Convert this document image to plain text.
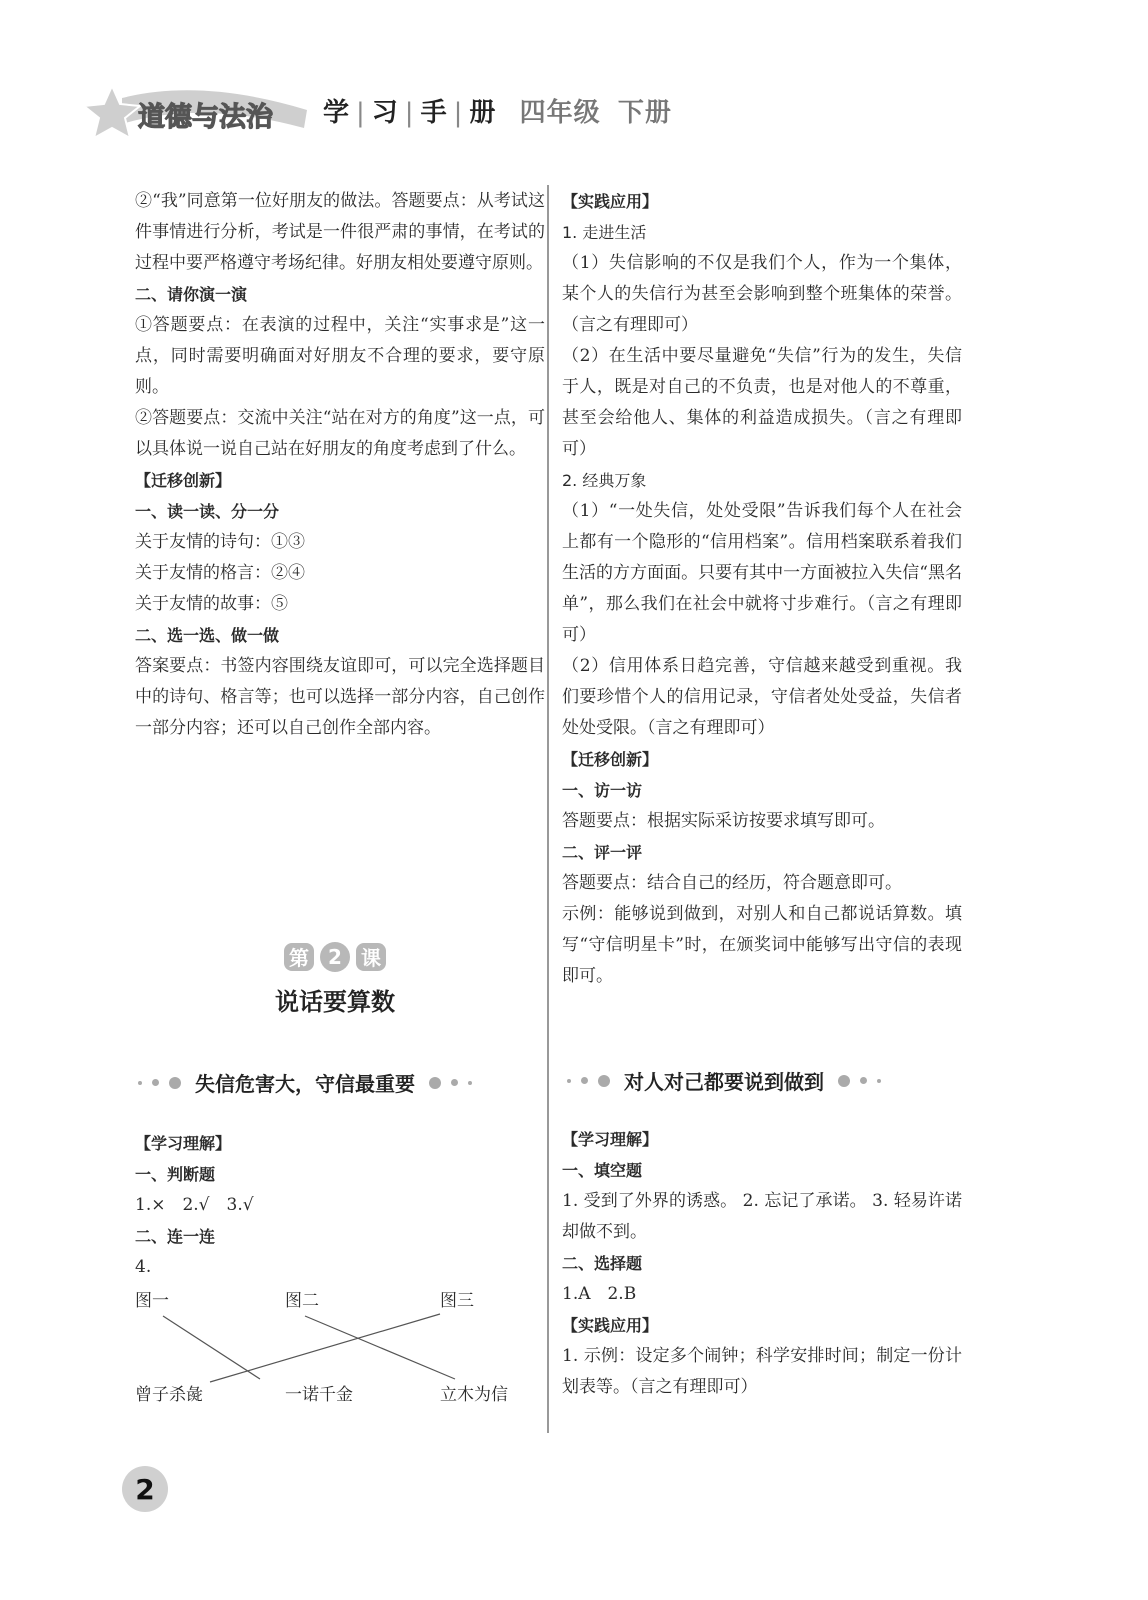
道德与法治 学 | 习 | 手 | 册 四年级 下册

②“我”同意第一位好朋友的做法。答题要点：从考试这件事情进行分析，考试是一件很严肃的事情，在考试的过程中要严格遵守考场纪律。好朋友相处要遵守原则。

二、请你演一演

①答题要点：在表演的过程中，关注“实事求是”这一点，同时需要明确面对好朋友不合理的要求，要守原则。

②答题要点：交流中关注“站在对方的角度”这一点，可以具体说一说自己站在好朋友的角度考虑到了什么。

【迁移创新】

一、读一读、分一分

关于友情的诗句：①③

关于友情的格言：②④

关于友情的故事：⑤

二、选一选、做一做

答案要点：书签内容围绕友谊即可，可以完全选择题目中的诗句、格言等；也可以选择一部分内容，自己创作一部分内容；还可以自己创作全部内容。

【实践应用】

1. 走进生活

（1）失信影响的不仅是我们个人，作为一个集体，某个人的失信行为甚至会影响到整个班集体的荣誉。（言之有理即可）

（2）在生活中要尽量避免“失信”行为的发生，失信于人，既是对自己的不负责，也是对他人的不尊重，甚至会给他人、集体的利益造成损失。（言之有理即可）

2. 经典万象

（1）“一处失信，处处受限”告诉我们每个人在社会上都有一个隐形的“信用档案”。信用档案联系着我们生活的方方面面。只要有其中一方面被拉入失信“黑名单”，那么我们在社会中就将寸步难行。（言之有理即可）

（2）信用体系日趋完善，守信越来越受到重视。我们要珍惜个人的信用记录，守信者处处受益，失信者处处受限。（言之有理即可）

【迁移创新】

一、访一访

答题要点：根据实际采访按要求填写即可。

二、评一评

答题要点：结合自己的经历，符合题意即可。

示例：能够说到做到，对别人和自己都说话算数。填写“守信明星卡”时，在颁奖词中能够写出守信的表现即可。

第 2 课
说话要算数
失信危害大，守信最重要	对人对己都要说到做到

【学习理解】

一、判断题

1.×　2.√　3.√

二、连一连

4.

图一	图二	图三
曾子杀彘	一诺千金	立木为信

【学习理解】

一、填空题

1. 受到了外界的诱惑。 2. 忘记了承诺。 3. 轻易许诺却做不到。

二、选择题

1.A　2.B

【实践应用】

1. 示例：设定多个闹钟；科学安排时间；制定一份计划表等。（言之有理即可）

2
